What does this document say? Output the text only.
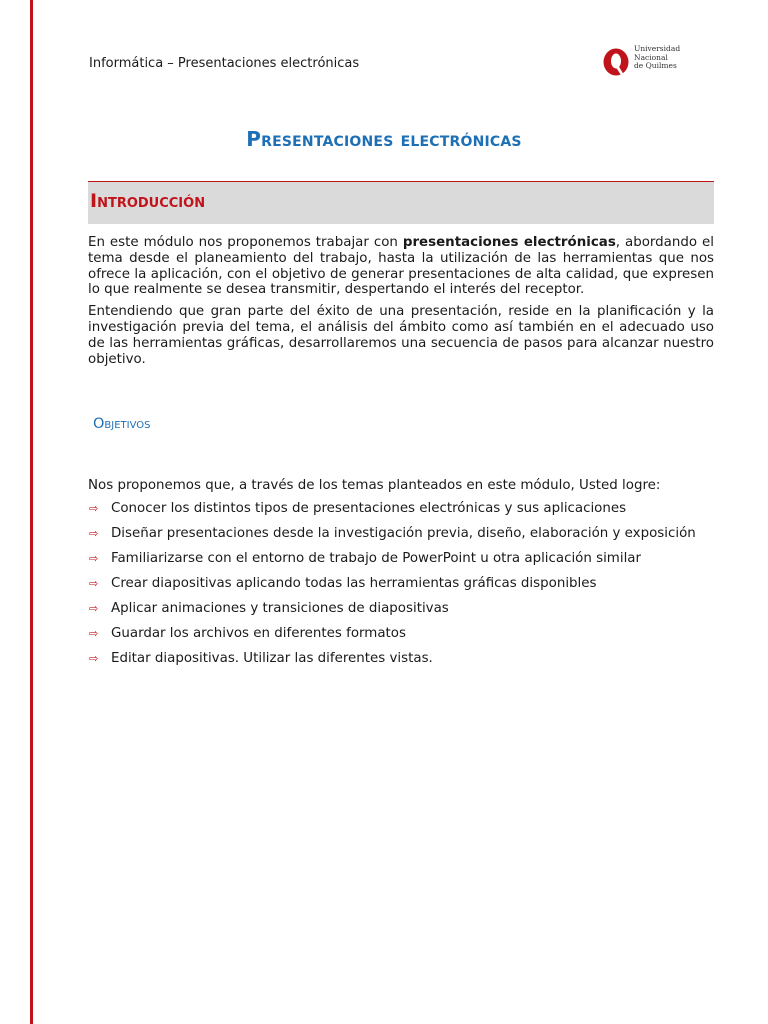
Informática – Presentaciones electrónicas
Universidad
Nacional
de Quilmes
Presentaciones electrónicas
Introducción

En este módulo nos proponemos trabajar con presentaciones electrónicas, abordando el tema desde el planeamiento del trabajo, hasta la utilización de las herramientas que nos ofrece la aplicación, con el objetivo de generar presentaciones de alta calidad, que expresen lo que realmente se desea transmitir, despertando el interés del receptor.

Entendiendo que gran parte del éxito de una presentación, reside en la planificación y la investigación previa del tema, el análisis del ámbito como así también en el adecuado uso de las herramientas gráficas, desarrollaremos una secuencia de pasos para alcanzar nuestro objetivo.

Objetivos
Nos proponemos que, a través de los temas planteados en este módulo, Usted logre:
⇨ Conocer los distintos tipos de presentaciones electrónicas y sus aplicaciones
⇨ Diseñar presentaciones desde la investigación previa, diseño, elaboración y exposición
⇨ Familiarizarse con el entorno de trabajo de PowerPoint u otra aplicación similar
⇨ Crear diapositivas aplicando todas las herramientas gráficas disponibles
⇨ Aplicar animaciones y transiciones de diapositivas
⇨ Guardar los archivos en diferentes formatos
⇨ Editar diapositivas. Utilizar las diferentes vistas.
